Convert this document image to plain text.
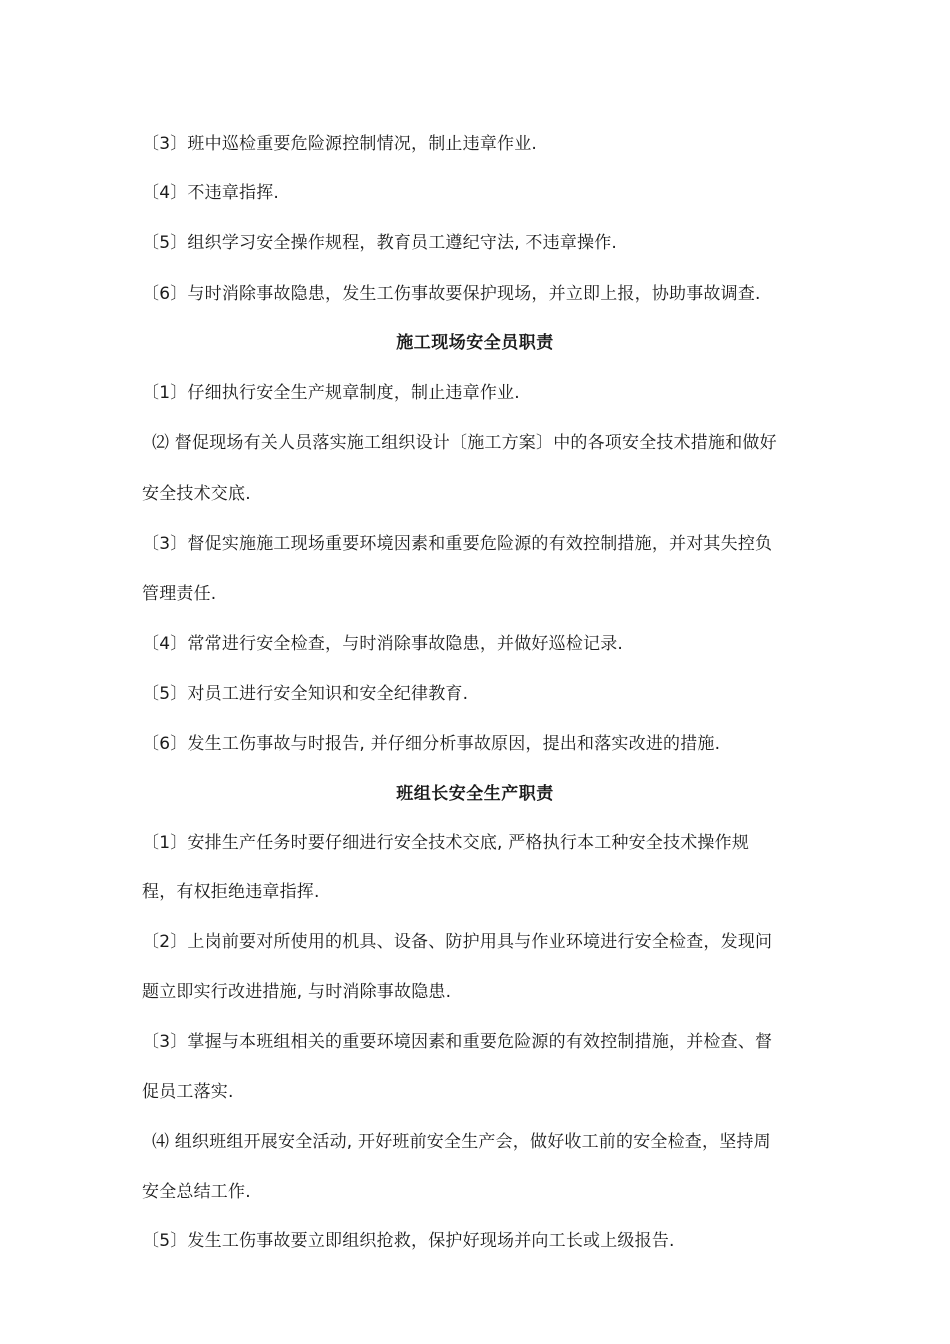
〔3〕班中巡检重要危险源控制情况，制止违章作业.
〔4〕不违章指挥.
〔5〕组织学习安全操作规程，教育员工遵纪守法, 不违章操作.
〔6〕与时消除事故隐患，发生工伤事故要保护现场，并立即上报，协助事故调查.
施工现场安全员职责
〔1〕仔细执行安全生产规章制度，制止违章作业.
⑵ 督促现场有关人员落实施工组织设计〔施工方案〕中的各项安全技术措施和做好
安全技术交底.
〔3〕督促实施施工现场重要环境因素和重要危险源的有效控制措施，并对其失控负
管理责任.
〔4〕常常进行安全检查，与时消除事故隐患，并做好巡检记录.
〔5〕对员工进行安全知识和安全纪律教育.
〔6〕发生工伤事故与时报告, 并仔细分析事故原因，提出和落实改进的措施.
班组长安全生产职责
〔1〕安排生产任务时要仔细进行安全技术交底, 严格执行本工种安全技术操作规
程，有权拒绝违章指挥.
〔2〕上岗前要对所使用的机具、设备、防护用具与作业环境进行安全检查，发现问
题立即实行改进措施, 与时消除事故隐患.
〔3〕掌握与本班组相关的重要环境因素和重要危险源的有效控制措施，并检查、督
促员工落实.
⑷ 组织班组开展安全活动, 开好班前安全生产会，做好收工前的安全检查，坚持周
安全总结工作.
〔5〕发生工伤事故要立即组织抢救，保护好现场并向工长或上级报告.
